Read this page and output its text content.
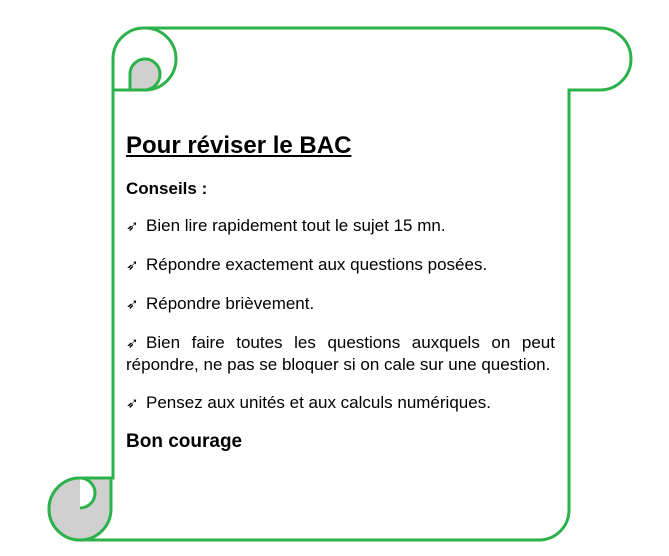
Pour réviser le BAC
Conseils :
➶ Bien lire rapidement tout le sujet 15 mn.
➶ Répondre exactement aux questions posées.
➶ Répondre brièvement.
➶ Bien faire toutes les questions auxquels on peut répondre, ne pas se bloquer si on cale sur une question.
➶ Pensez aux unités et aux calculs numériques.
Bon courage
